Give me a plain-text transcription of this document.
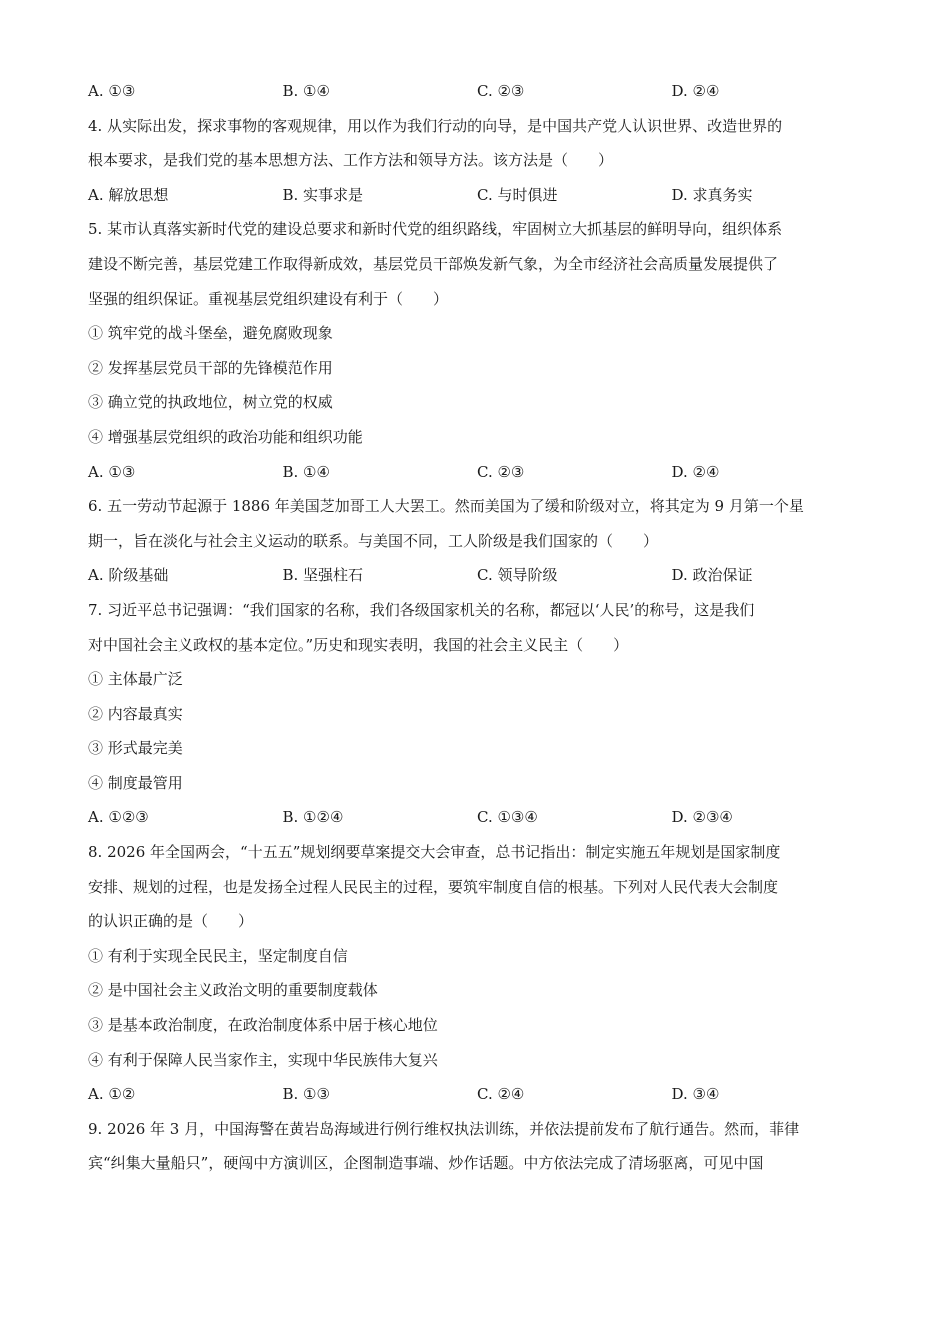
A. ①③	B. ①④	C. ②③	D. ②④
4. 从实际出发，探求事物的客观规律，用以作为我们行动的向导，是中国共产党人认识世界、改造世界的
根本要求，是我们党的基本思想方法、工作方法和领导方法。该方法是（　　）
A. 解放思想	B. 实事求是	C. 与时俱进	D. 求真务实
5. 某市认真落实新时代党的建设总要求和新时代党的组织路线，牢固树立大抓基层的鲜明导向，组织体系
建设不断完善，基层党建工作取得新成效，基层党员干部焕发新气象，为全市经济社会高质量发展提供了
坚强的组织保证。重视基层党组织建设有利于（　　）
① 筑牢党的战斗堡垒，避免腐败现象
② 发挥基层党员干部的先锋模范作用
③ 确立党的执政地位，树立党的权威
④ 增强基层党组织的政治功能和组织功能
A. ①③	B. ①④	C. ②③	D. ②④
6. 五一劳动节起源于 1886 年美国芝加哥工人大罢工。然而美国为了缓和阶级对立，将其定为 9 月第一个星
期一，旨在淡化与社会主义运动的联系。与美国不同，工人阶级是我们国家的（　　）
A. 阶级基础	B. 坚强柱石	C. 领导阶级	D. 政治保证
7. 习近平总书记强调：“我们国家的名称，我们各级国家机关的名称，都冠以‘人民’的称号，这是我们
对中国社会主义政权的基本定位。”历史和现实表明，我国的社会主义民主（　　）
① 主体最广泛
② 内容最真实
③ 形式最完美
④ 制度最管用
A. ①②③	B. ①②④	C. ①③④	D. ②③④
8. 2026 年全国两会，“十五五”规划纲要草案提交大会审查，总书记指出：制定实施五年规划是国家制度
安排、规划的过程，也是发扬全过程人民民主的过程，要筑牢制度自信的根基。下列对人民代表大会制度
的认识正确的是（　　）
① 有利于实现全民民主，坚定制度自信
② 是中国社会主义政治文明的重要制度载体
③ 是基本政治制度，在政治制度体系中居于核心地位
④ 有利于保障人民当家作主，实现中华民族伟大复兴
A. ①②	B. ①③	C. ②④	D. ③④
9. 2026 年 3 月，中国海警在黄岩岛海域进行例行维权执法训练，并依法提前发布了航行通告。然而，菲律
宾“纠集大量船只”，硬闯中方演训区，企图制造事端、炒作话题。中方依法完成了清场驱离，可见中国
